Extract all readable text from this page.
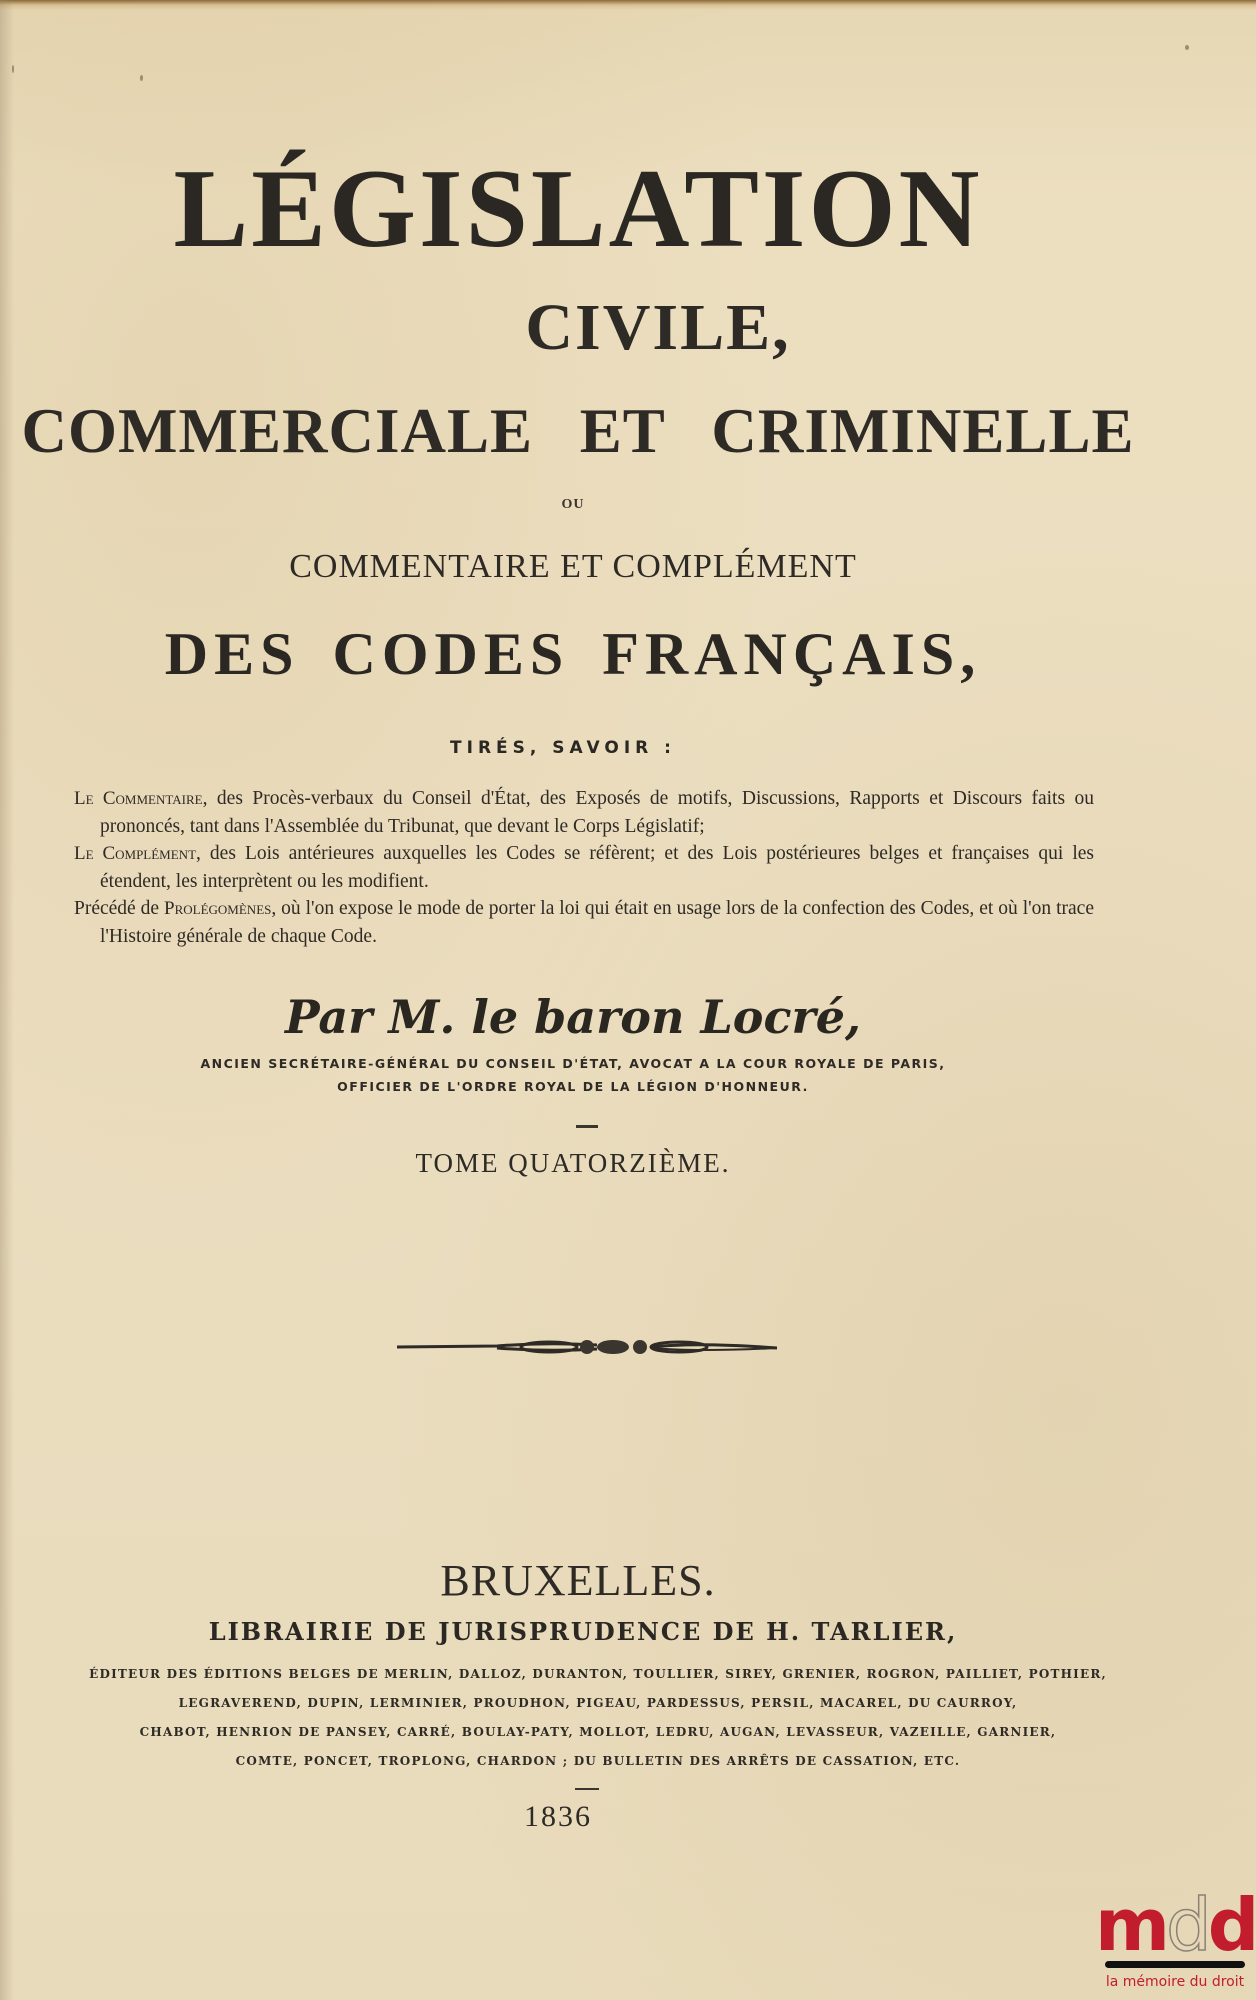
LÉGISLATION
CIVILE,
COMMERCIALE ET CRIMINELLE
OU
COMMENTAIRE ET COMPLÉMENT
DES CODES FRANÇAIS,
TIRÉS, SAVOIR :

Le Commentaire, des Procès-verbaux du Conseil d'État, des Exposés de motifs, Discussions, Rapports et Discours faits ou prononcés, tant dans l'Assemblée du Tribunat, que devant le Corps Législatif;

Le Complément, des Lois antérieures auxquelles les Codes se réfèrent; et des Lois postérieures belges et françaises qui les étendent, les interprètent ou les modifient.

Précédé de Prolégomènes, où l'on expose le mode de porter la loi qui était en usage lors de la confection des Codes, et où l'on trace l'Histoire générale de chaque Code.

Par M. le baron Locré,
ANCIEN SECRÉTAIRE-GÉNÉRAL DU CONSEIL D'ÉTAT, AVOCAT A LA COUR ROYALE DE PARIS,
OFFICIER DE L'ORDRE ROYAL DE LA LÉGION D'HONNEUR.
TOME QUATORZIÈME.
BRUXELLES.
LIBRAIRIE DE JURISPRUDENCE DE H. TARLIER,
ÉDITEUR DES ÉDITIONS BELGES DE MERLIN, DALLOZ, DURANTON, TOULLIER, SIREY, GRENIER, ROGRON, PAILLIET, POTHIER,
LEGRAVEREND, DUPIN, LERMINIER, PROUDHON, PIGEAU, PARDESSUS, PERSIL, MACAREL, DU CAURROY,
CHABOT, HENRION DE PANSEY, CARRÉ, BOULAY-PATY, MOLLOT, LEDRU, AUGAN, LEVASSEUR, VAZEILLE, GARNIER,
COMTE, PONCET, TROPLONG, CHARDON ; DU BULLETIN DES ARRÊTS DE CASSATION, ETC.
1836
mdd
la mémoire du droit
